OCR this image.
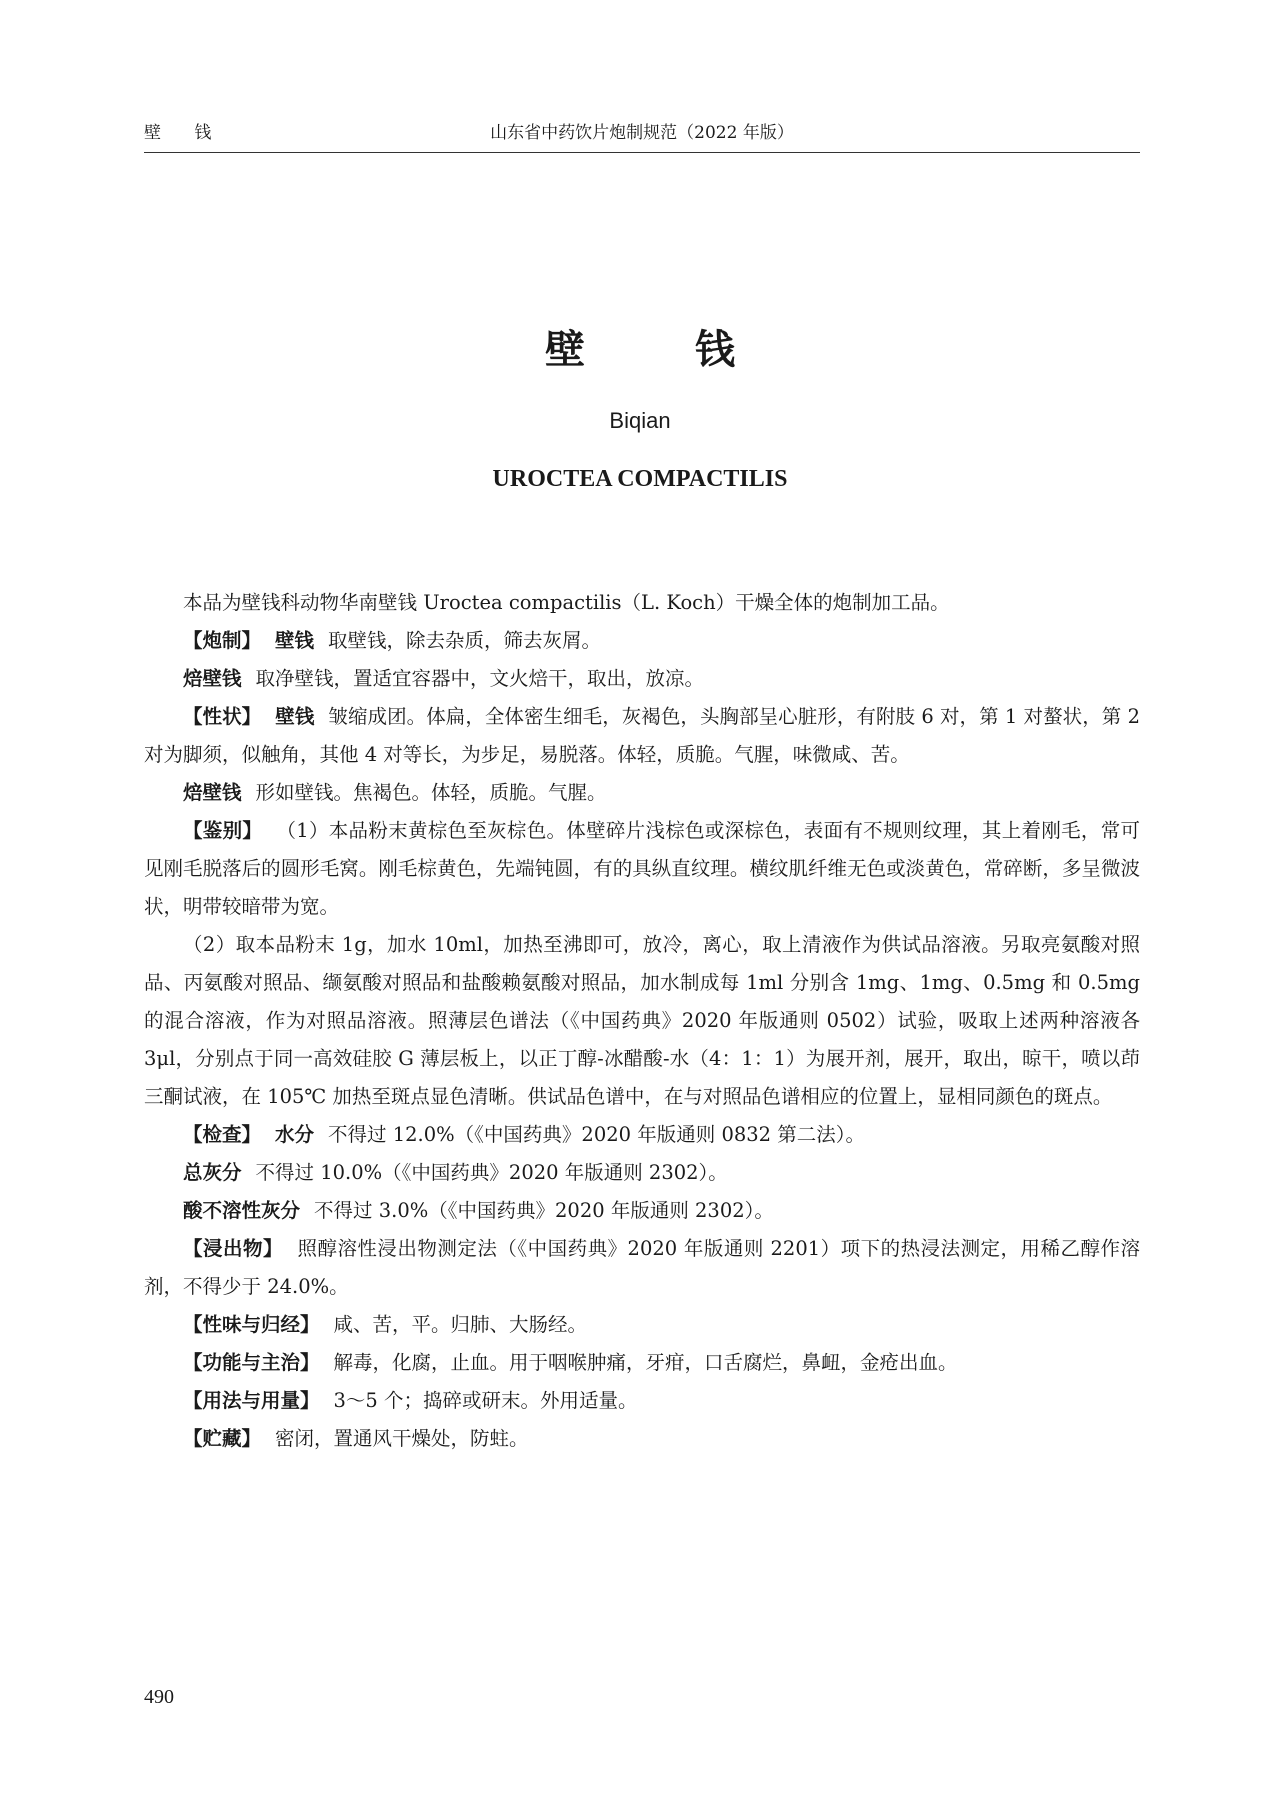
壁 钱	山东省中药饮片炮制规范（2022 年版）
壁 钱
Biqian
UROCTEA COMPACTILIS

本品为壁钱科动物华南壁钱 Uroctea compactilis（L. Koch）干燥全体的炮制加工品。

【炮制】 壁钱 取壁钱，除去杂质，筛去灰屑。

焙壁钱 取净壁钱，置适宜容器中，文火焙干，取出，放凉。

【性状】 壁钱 皱缩成团。体扁，全体密生细毛，灰褐色，头胸部呈心脏形，有附肢 6 对，第 1 对螯状，第 2 对为脚须，似触角，其他 4 对等长，为步足，易脱落。体轻，质脆。气腥，味微咸、苦。

焙壁钱 形如壁钱。焦褐色。体轻，质脆。气腥。

【鉴别】 （1）本品粉末黄棕色至灰棕色。体壁碎片浅棕色或深棕色，表面有不规则纹理，其上着刚毛，常可见刚毛脱落后的圆形毛窝。刚毛棕黄色，先端钝圆，有的具纵直纹理。横纹肌纤维无色或淡黄色，常碎断，多呈微波状，明带较暗带为宽。

（2）取本品粉末 1g，加水 10ml，加热至沸即可，放冷，离心，取上清液作为供试品溶液。另取亮氨酸对照品、丙氨酸对照品、缬氨酸对照品和盐酸赖氨酸对照品，加水制成每 1ml 分别含 1mg、1mg、0.5mg 和 0.5mg 的混合溶液，作为对照品溶液。照薄层色谱法（《中国药典》2020 年版通则 0502）试验，吸取上述两种溶液各 3μl，分别点于同一高效硅胶 G 薄层板上，以正丁醇-冰醋酸-水（4：1：1）为展开剂，展开，取出，晾干，喷以茚三酮试液，在 105℃ 加热至斑点显色清晰。供试品色谱中，在与对照品色谱相应的位置上，显相同颜色的斑点。

【检查】 水分 不得过 12.0%（《中国药典》2020 年版通则 0832 第二法）。

总灰分 不得过 10.0%（《中国药典》2020 年版通则 2302）。

酸不溶性灰分 不得过 3.0%（《中国药典》2020 年版通则 2302）。

【浸出物】 照醇溶性浸出物测定法（《中国药典》2020 年版通则 2201）项下的热浸法测定，用稀乙醇作溶剂，不得少于 24.0%。

【性味与归经】 咸、苦，平。归肺、大肠经。

【功能与主治】 解毒，化腐，止血。用于咽喉肿痛，牙疳，口舌腐烂，鼻衄，金疮出血。

【用法与用量】 3～5 个；捣碎或研末。外用适量。

【贮藏】 密闭，置通风干燥处，防蛀。

490
